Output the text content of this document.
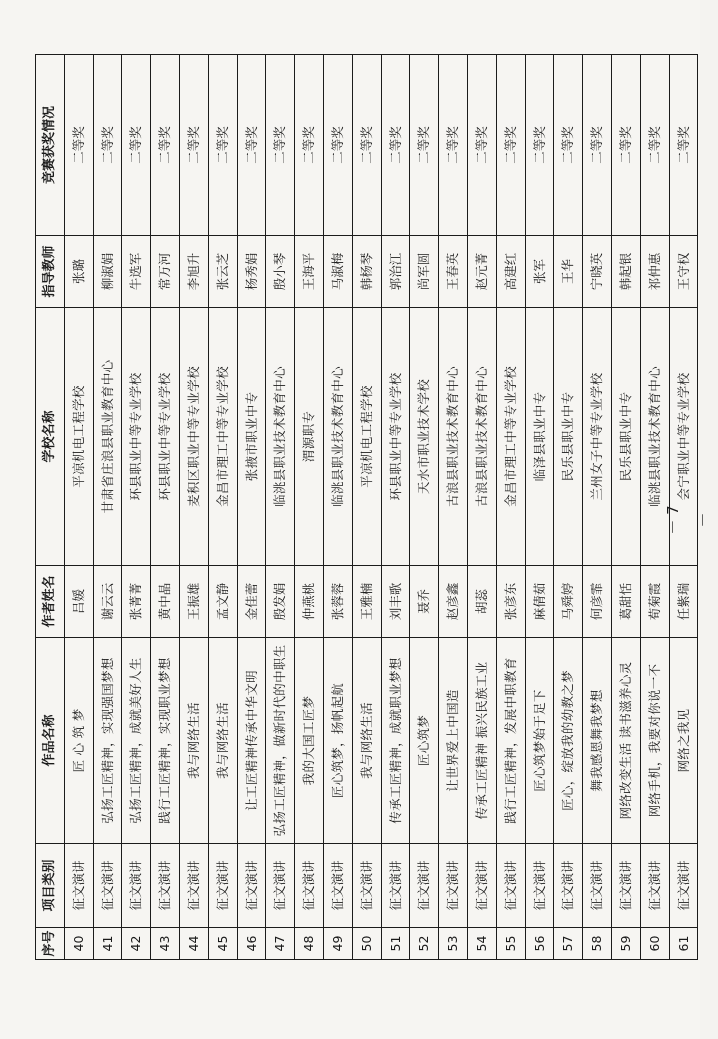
序号	项目类别	作品名称	作者姓名	学校名称	指导教师	竞赛获奖情况
40	征文演讲	匠 心 筑 梦	吕媛	平凉机电工程学校	张璐	二等奖
41	征文演讲	弘扬工匠精神，实现强国梦想	谢云云	甘肃省庄浪县职业教育中心	柳淑娟	二等奖
42	征文演讲	弘扬工匠精神，成就美好人生	张菁菁	环县职业中等专业学校	牛选军	二等奖
43	征文演讲	践行工匠精神，实现职业梦想	黄中晶	环县职业中等专业学校	常万河	二等奖
44	征文演讲	我与网络生活	王振雄	麦积区职业中等专业学校	李旭升	二等奖
45	征文演讲	我与网络生活	孟文静	金昌市理工中等专业学校	张云芝	二等奖
46	征文演讲	让工匠精神传承中华文明	金佳蕾	张掖市职业中专	杨秀娟	二等奖
47	征文演讲	弘扬工匠精神，做新时代的中职生	殷发娟	临洮县职业技术教育中心	殷小琴	二等奖
48	征文演讲	我的大国工匠梦	仲燕桃	渭源职专	王海平	二等奖
49	征文演讲	匠心筑梦，扬帆起航	张蓉蓉	临洮县职业技术教育中心	马淑梅	二等奖
50	征文演讲	我与网络生活	王雅楠	平凉机电工程学校	韩杨琴	二等奖
51	征文演讲	传承工匠精神，成就职业梦想	刘丰歌	环县职业中等专业学校	郭治江	二等奖
52	征文演讲	匠心筑梦	聂乔	天水市职业技术学校	尚军圆	二等奖
53	征文演讲	让世界爱上中国造	赵彦鑫	古浪县职业技术教育中心	王春英	二等奖
54	征文演讲	传承工匠精神 振兴民族工业	胡蕊	古浪县职业技术教育中心	赵元菁	二等奖
55	征文演讲	践行工匠精神，发展中职教育	张彦东	金昌市理工中等专业学校	高建红	二等奖
56	征文演讲	匠心筑梦始于足下	麻倩茹	临泽县职业中专	张军	二等奖
57	征文演讲	匠心，绽放我的幼教之梦	马舜婷	民乐县职业中专	王华	二等奖
58	征文演讲	舞我感恩舞我梦想	何彦霏	兰州女子中等专业学校	宁晓英	二等奖
59	征文演讲	网络改变生活 读书滋养心灵	葛甜恬	民乐县职业中专	韩起银	二等奖
60	征文演讲	网络手机，我要对你说一不	荀菊霞	临洮县职业技术教育中心	祁仲惠	二等奖
61	征文演讲	网络之我见	任紫瑞	会宁职业中等专业学校	王守权	二等奖
－ 7 －
